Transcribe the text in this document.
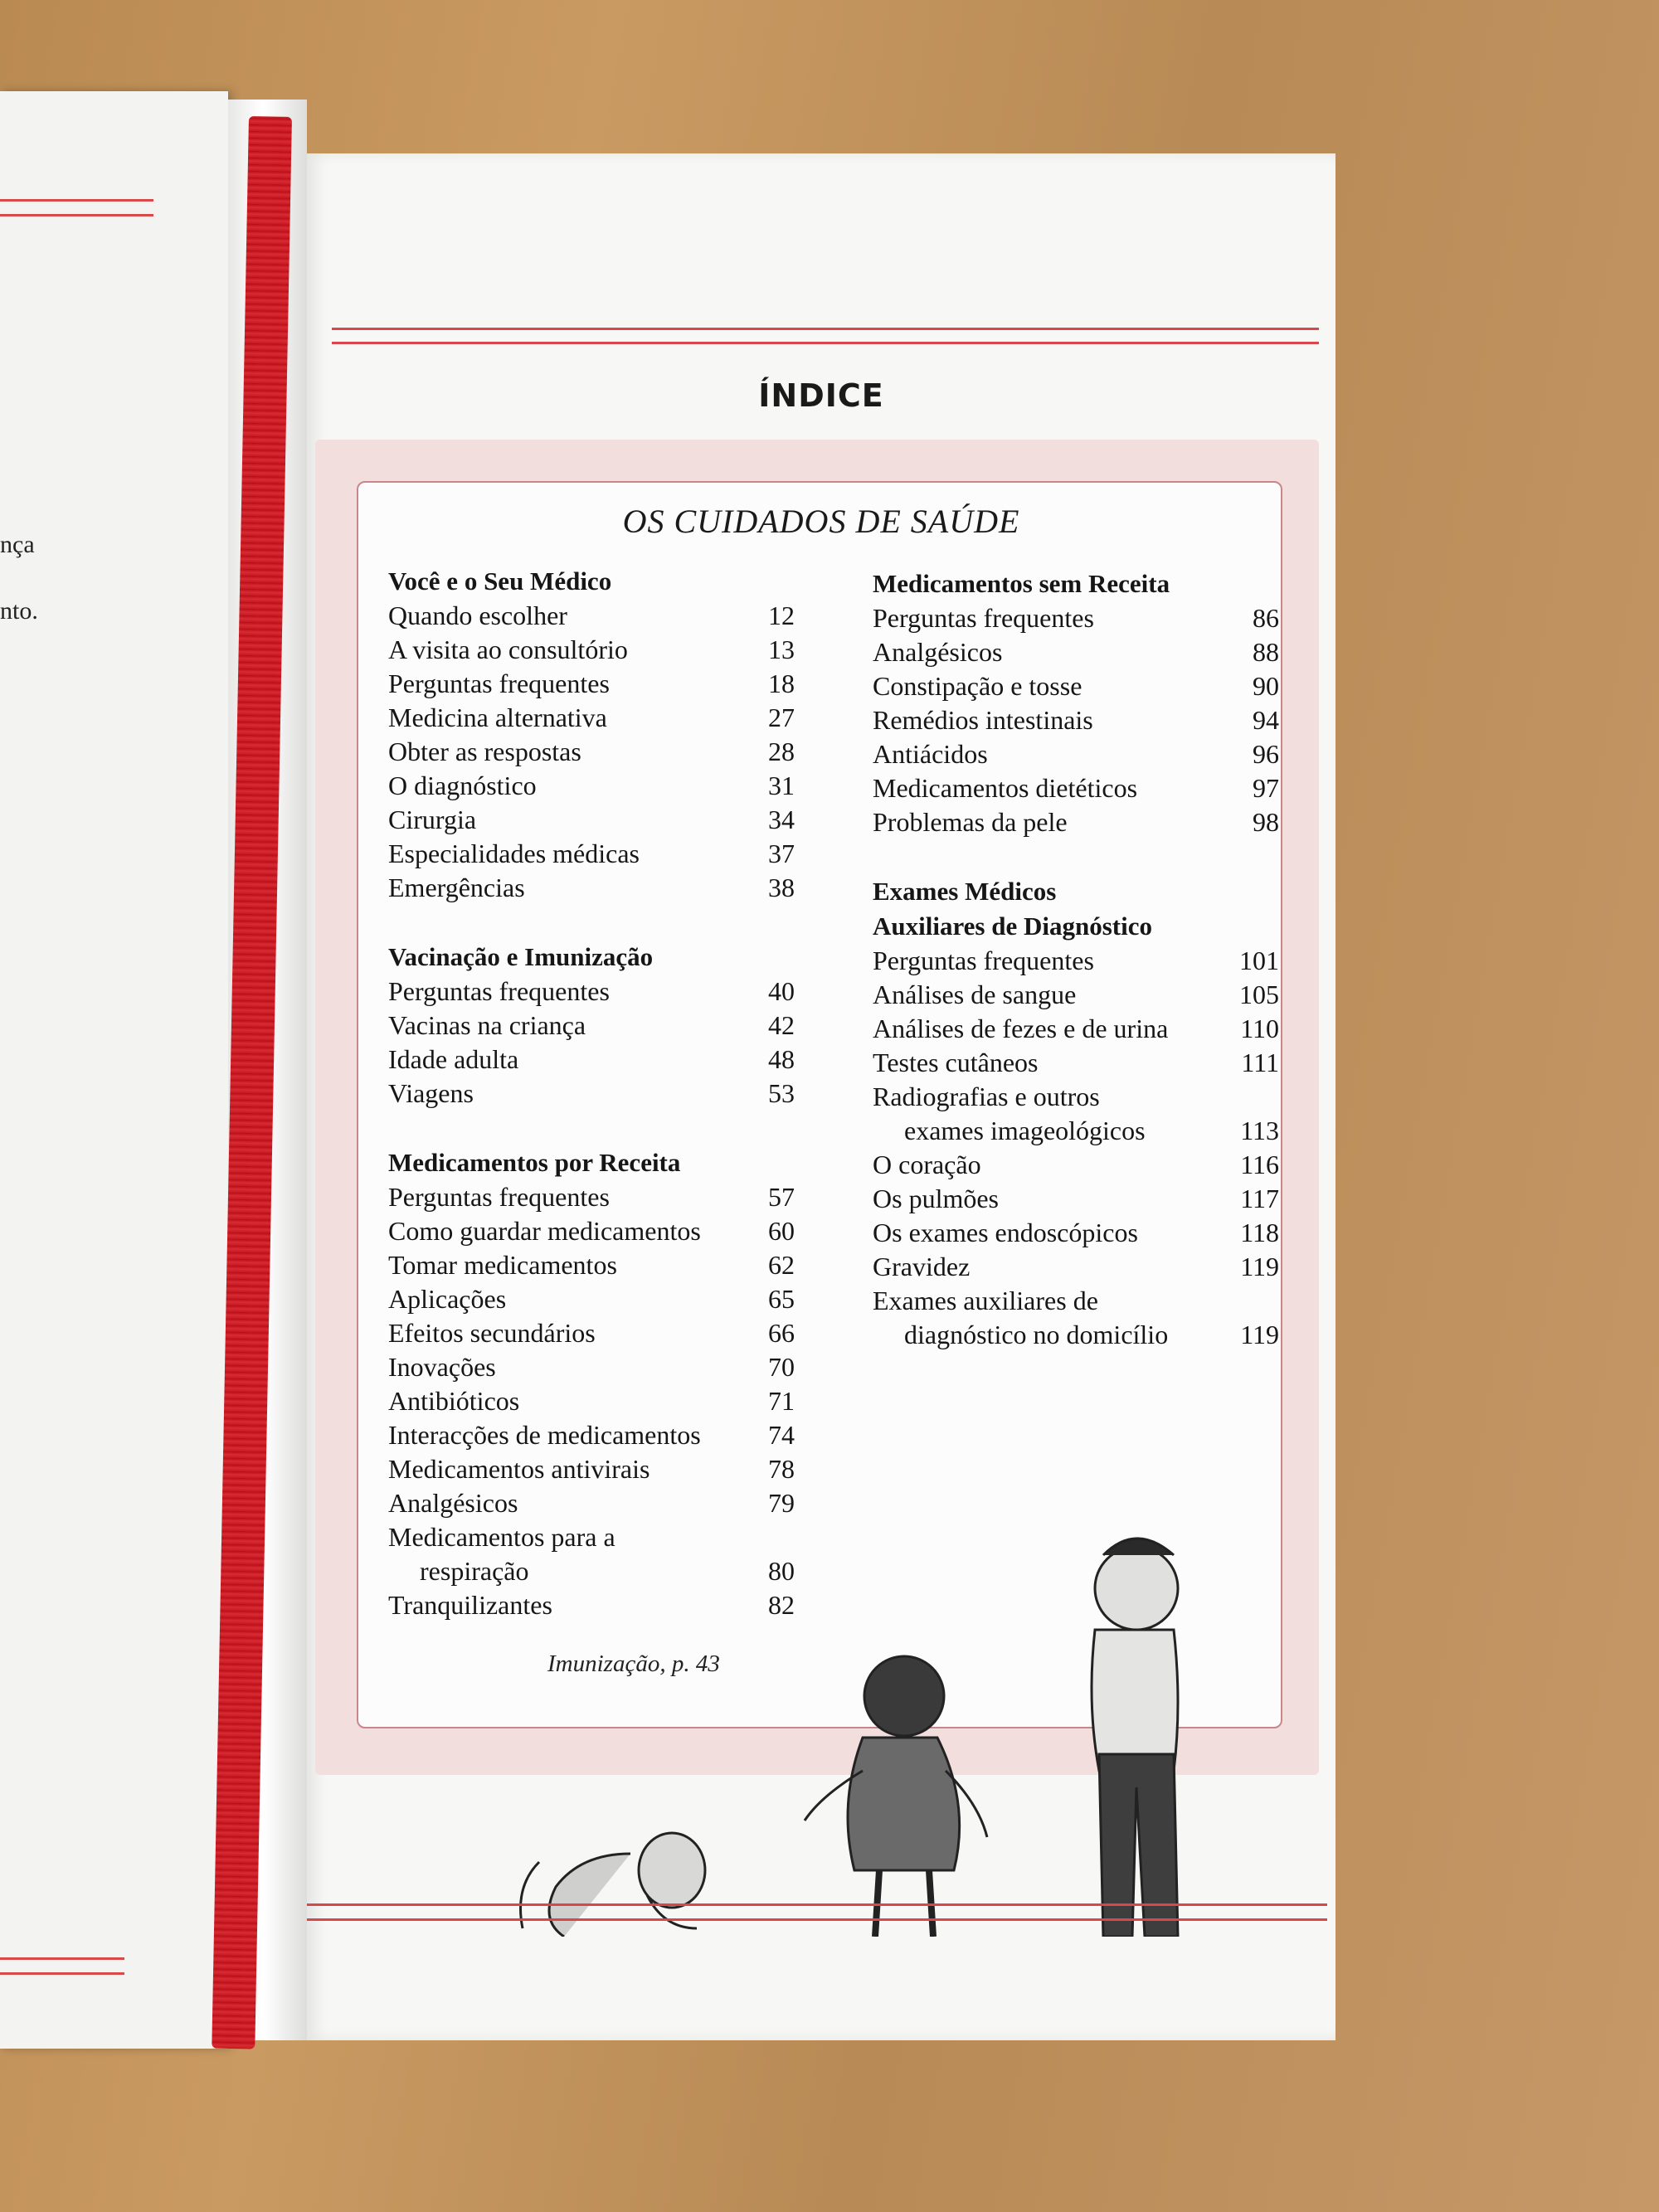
nça
nto.
ÍNDICE
OS CUIDADOS DE SAÚDE
Você e o Seu Médico
Quando escolher	12
A visita ao consultório	13
Perguntas frequentes	18
Medicina alternativa	27
Obter as respostas	28
O diagnóstico	31
Cirurgia	34
Especialidades médicas	37
Emergências	38
Vacinação e Imunização
Perguntas frequentes	40
Vacinas na criança	42
Idade adulta	48
Viagens	53
Medicamentos por Receita
Perguntas frequentes	57
Como guardar medicamentos	60
Tomar medicamentos	62
Aplicações	65
Efeitos secundários	66
Inovações	70
Antibióticos	71
Interacções de medicamentos	74
Medicamentos antivirais	78
Analgésicos	79
Medicamentos para a
respiração	80
Tranquilizantes	82
Medicamentos sem Receita
Perguntas frequentes	86
Analgésicos	88
Constipação e tosse	90
Remédios intestinais	94
Antiácidos	96
Medicamentos dietéticos	97
Problemas da pele	98
Exames Médicos
Auxiliares de Diagnóstico
Perguntas frequentes	101
Análises de sangue	105
Análises de fezes e de urina	110
Testes cutâneos	111
Radiografias e outros
exames imageológicos	113
O coração	116
Os pulmões	117
Os exames endoscópicos	118
Gravidez	119
Exames auxiliares de
diagnóstico no domicílio	119
Imunização, p. 43
